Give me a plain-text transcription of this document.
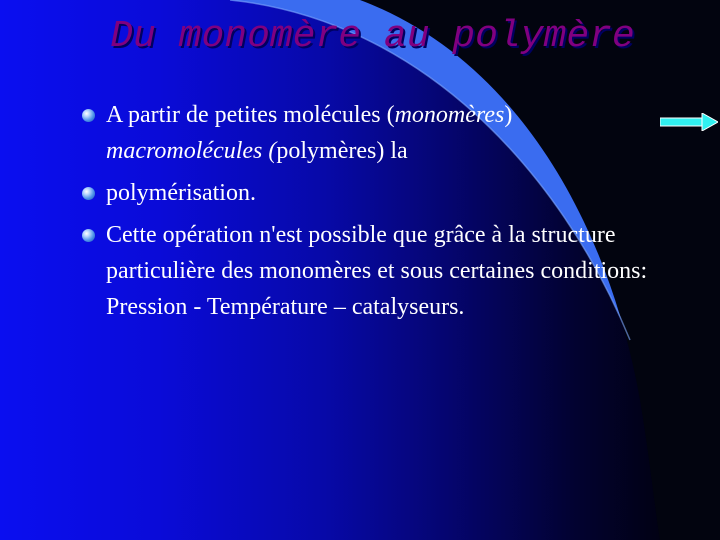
Du monomère au polymère
A partir de petites molécules (monomères)
macromolécules (polymères) la
polymérisation.
Cette opération n'est possible que grâce à la structure particulière des monomères et sous certaines conditions: Pression - Température – catalyseurs.
